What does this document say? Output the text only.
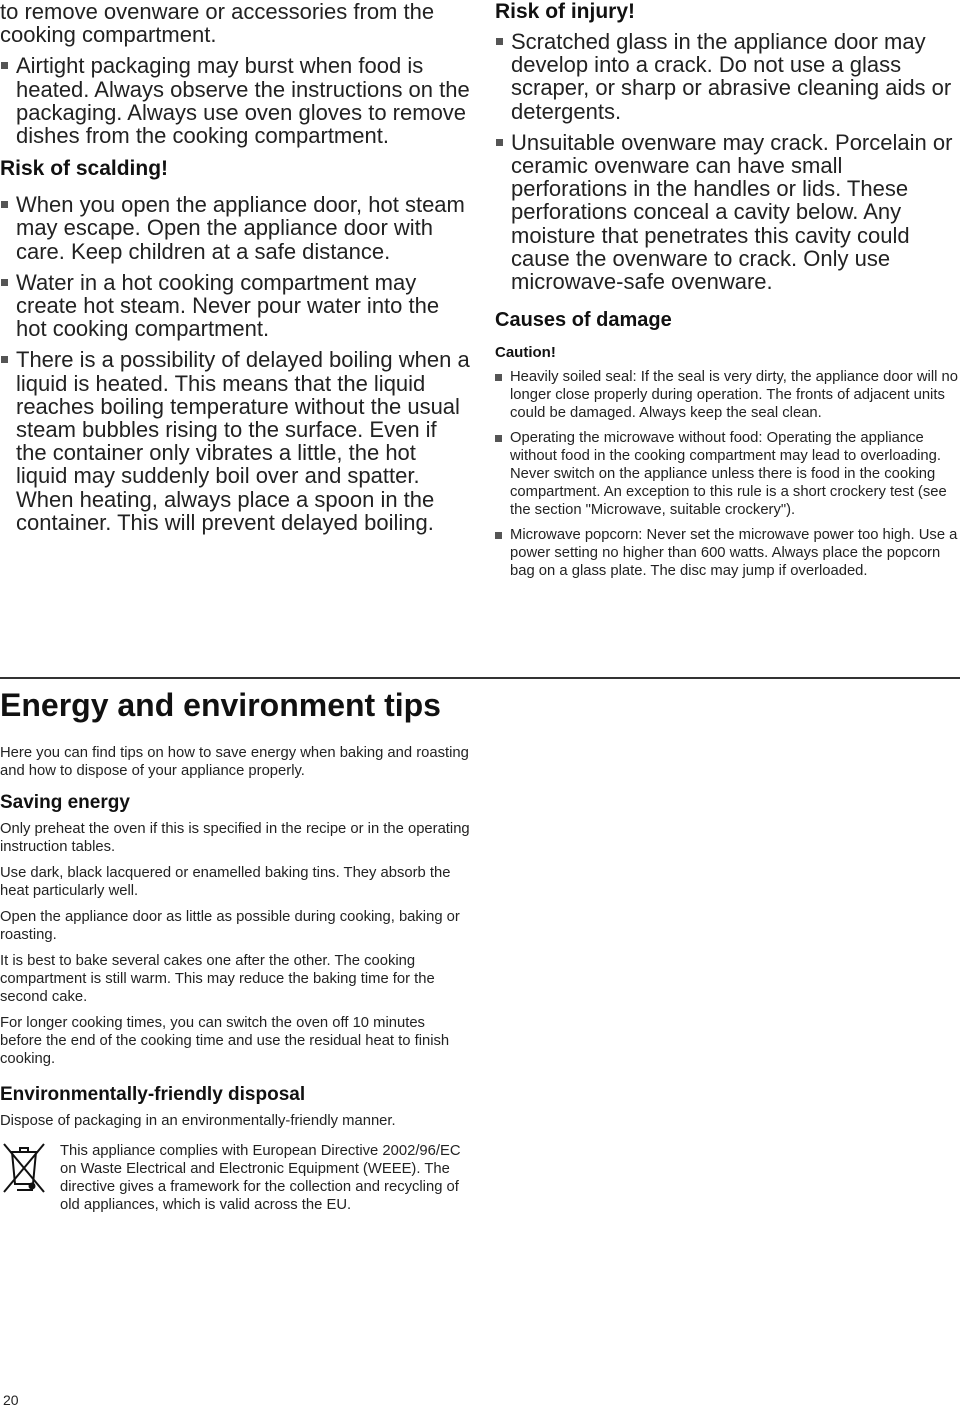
to remove ovenware or accessories from the cooking compartment.

Airtight packaging may burst when food is heated. Always observe the instructions on the packaging. Always use oven gloves to remove dishes from the cooking compartment.
Risk of scalding!
When you open the appliance door, hot steam may escape. Open the appliance door with care. Keep children at a safe distance.
Water in a hot cooking compartment may create hot steam. Never pour water into the hot cooking compartment.
There is a possibility of delayed boiling when a liquid is heated. This means that the liquid reaches boiling temperature without the usual steam bubbles rising to the surface. Even if the container only vibrates a little, the hot liquid may suddenly boil over and spatter. When heating, always place a spoon in the container. This will prevent delayed boiling.
Risk of injury!
Scratched glass in the appliance door may develop into a crack. Do not use a glass scraper, or sharp or abrasive cleaning aids or detergents.
Unsuitable ovenware may crack. Porcelain or ceramic ovenware can have small perforations in the handles or lids. These perforations conceal a cavity below. Any moisture that penetrates this cavity could cause the ovenware to crack. Only use microwave-safe ovenware.
Causes of damage
Caution!
Heavily soiled seal: If the seal is very dirty, the appliance door will no longer close properly during operation. The fronts of adjacent units could be damaged. Always keep the seal clean.
Operating the microwave without food: Operating the appliance without food in the cooking compartment may lead to overloading. Never switch on the appliance unless there is food in the cooking compartment. An exception to this rule is a short crockery test (see the section "Microwave, suitable crockery").
Microwave popcorn: Never set the microwave power too high. Use a power setting no higher than 600 watts. Always place the popcorn bag on a glass plate. The disc may jump if overloaded.
Energy and environment tips

Here you can find tips on how to save energy when baking and roasting and how to dispose of your appliance properly.

Saving energy

Only preheat the oven if this is specified in the recipe or in the operating instruction tables.

Use dark, black lacquered or enamelled baking tins. They absorb the heat particularly well.

Open the appliance door as little as possible during cooking, baking or roasting.

It is best to bake several cakes one after the other. The cooking compartment is still warm. This may reduce the baking time for the second cake.

For longer cooking times, you can switch the oven off 10 minutes before the end of the cooking time and use the residual heat to finish cooking.

Environmentally-friendly disposal

Dispose of packaging in an environmentally-friendly manner.

This appliance complies with European Directive 2002/96/EC on Waste Electrical and Electronic Equipment (WEEE). The directive gives a framework for the collection and recycling of old appliances, which is valid across the EU.

20
